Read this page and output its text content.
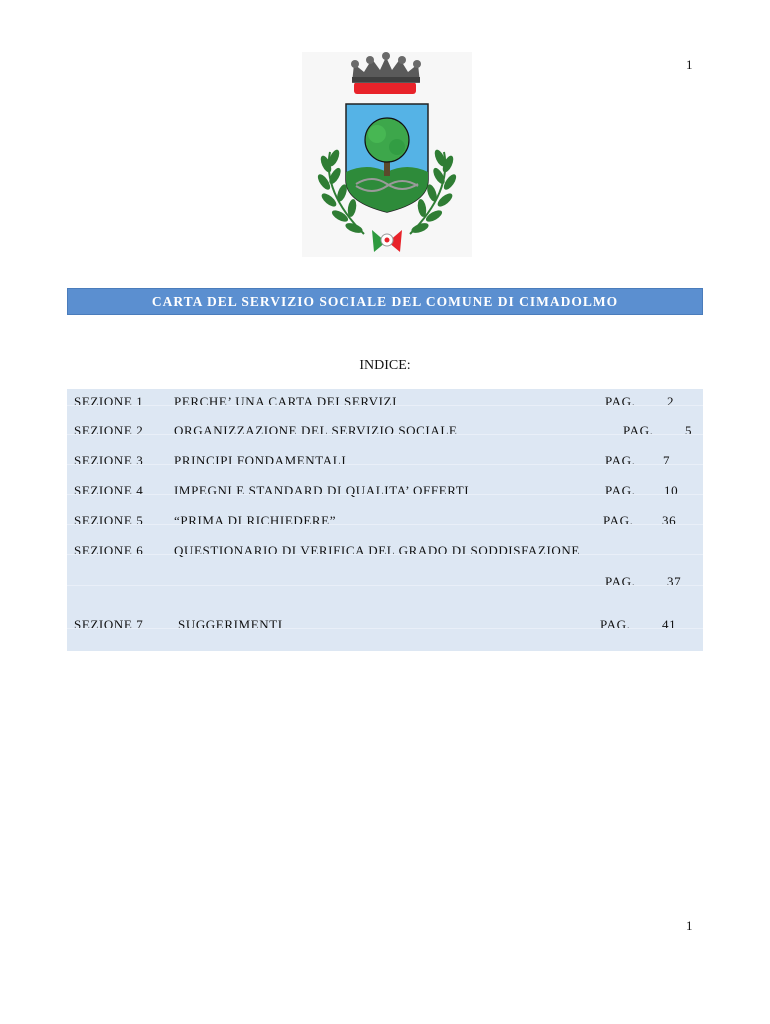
1
CARTA DEL SERVIZIO SOCIALE DEL COMUNE DI CIMADOLMO
INDICE:
SEZIONE 1 PERCHE’ UNA CARTA DEI SERVIZI	PAG. 2
SEZIONE 2 ORGANIZZAZIONE DEL SERVIZIO SOCIALE	PAG. 5
SEZIONE 3 PRINCIPI FONDAMENTALI	PAG. 7
SEZIONE 4 IMPEGNI E STANDARD DI QUALITA’ OFFERTI	PAG. 10
SEZIONE 5 “PRIMA DI RICHIEDERE”	PAG. 36
SEZIONE 6 QUESTIONARIO DI VERIFICA DEL GRADO DI SODDISFAZIONE
PAG. 37
SEZIONE 7	SUGGERIMENTI	PAG. 41
1
